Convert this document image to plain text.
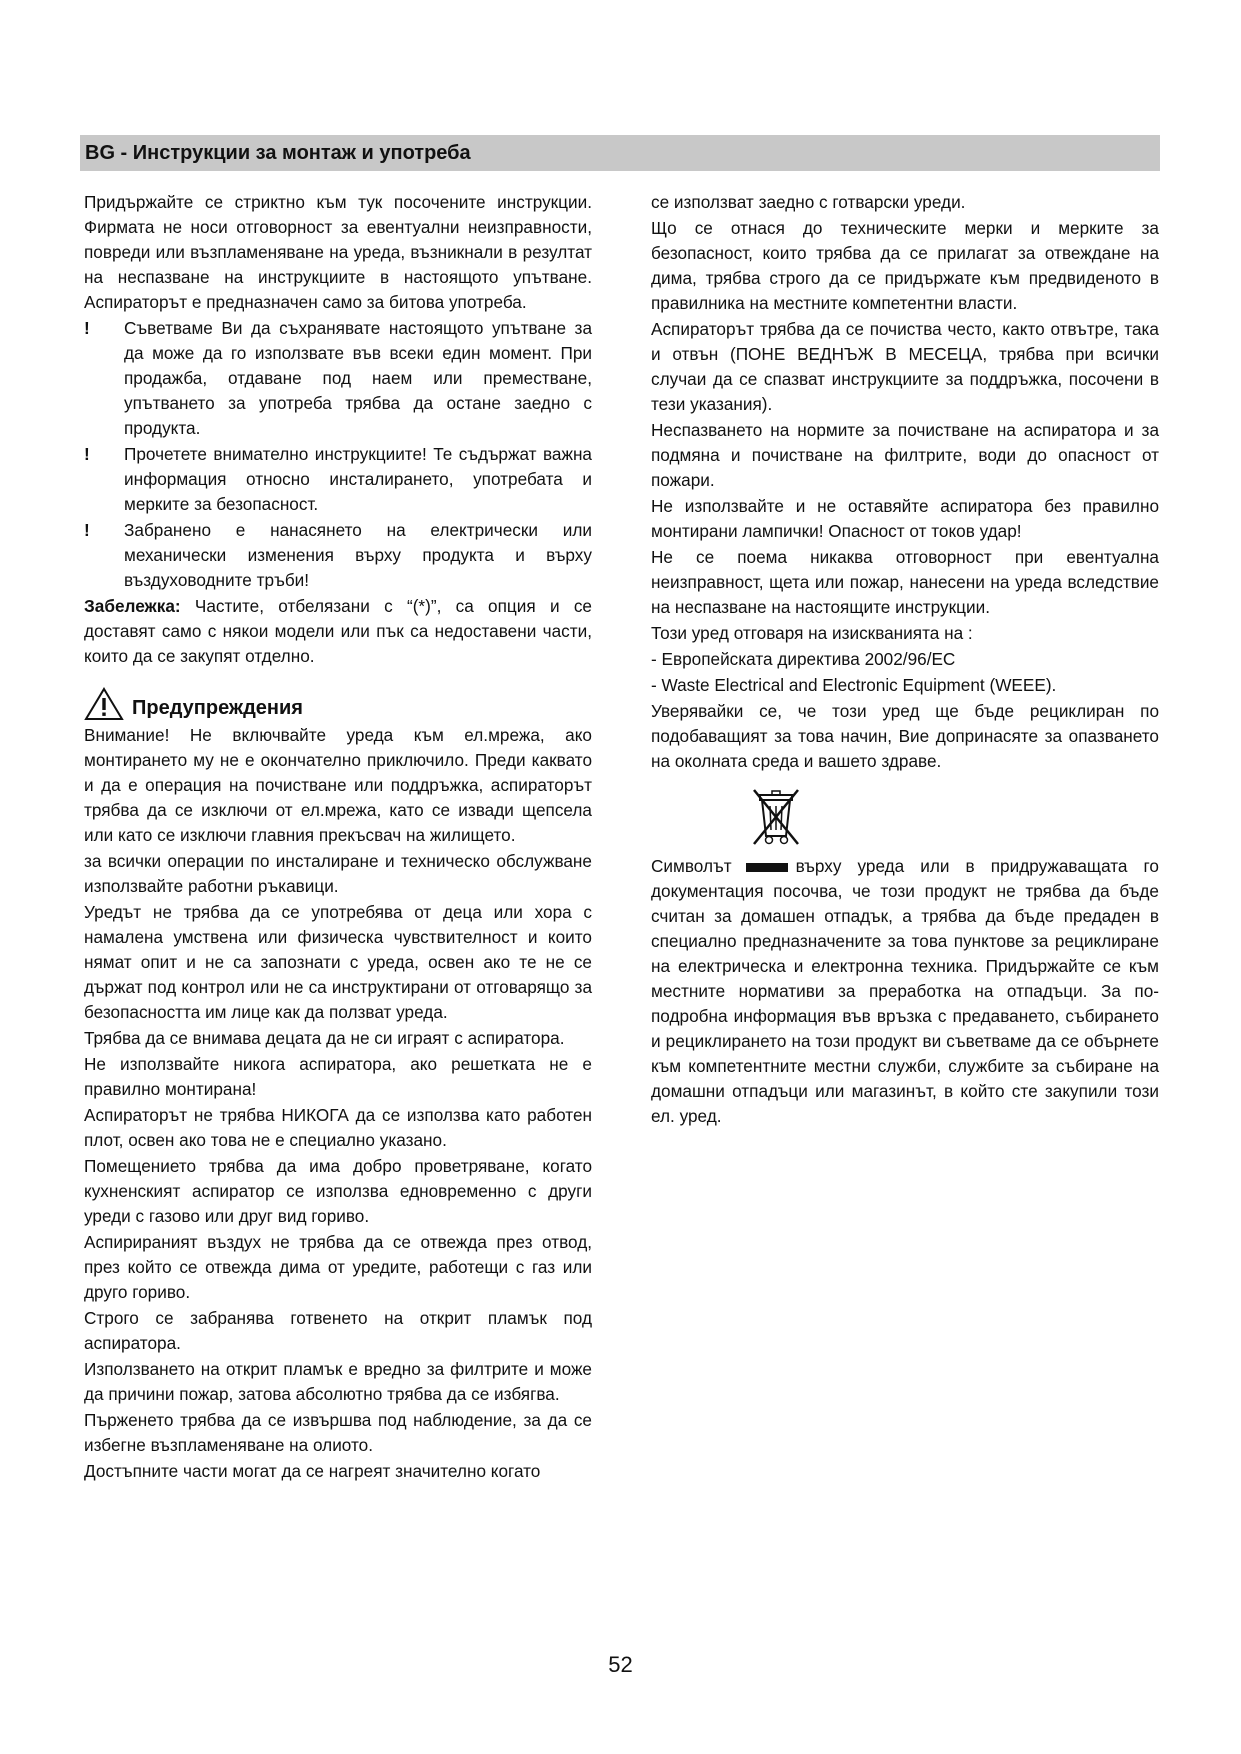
BG - Инструкции за монтаж и употреба

Придържайте се стриктно към тук посочените инструкции. Фирмата не носи отговорност за евентуални неизправности, повреди или възпламеняване на уреда, възникнали в резултат на неспазване на инструкциите в настоящото упътване. Аспираторът е предназначен само за битова употреба.

! Съветваме Ви да съхранявате настоящото упътване за да може да го използвате във всеки един момент. При продажба, отдаване под наем или преместване, упътването за употреба трябва да остане заедно с продукта.
! Прочетете внимателно инструкциите! Те съдържат важна информация относно инсталирането, употребата и мерките за безопасност.
! Забранено е нанасянето на електрически или механически изменения върху продукта и върху въздуховодните тръби!

Забележка: Частите, отбелязани с “(*)”, са опция и се доставят само с някои модели или пък са недоставени части, които да се закупят отделно.

Предупреждения

Внимание! Не включвайте уреда към ел.мрежа, ако монтирането му не е окончателно приключило. Преди каквато и да е операция на почистване или поддръжка, аспираторът трябва да се изключи от ел.мрежа, като се извади щепсела или като се изключи главния прекъсвач на жилището.

за всички операции по инсталиране и техническо обслужване използвайте работни ръкавици.

Уредът не трябва да се употребява от деца или хора с намалена умствена или физическа чувствителност и които нямат опит и не са запознати с уреда, освен ако те не се държат под контрол или не са инструктирани от отговарящо за безопасността им лице как да ползват уреда.

Трябва да се внимава децата да не си играят с аспиратора.

Не използвайте никога аспиратора, ако решетката не е правилно монтирана!

Аспираторът не трябва НИКОГА да се използва като работен плот, освен ако това не е специално указано.

Помещението трябва да има добро проветряване, когато кухненският аспиратор се използва едновременно с други уреди с газово или друг вид гориво.

Аспирираният въздух не трябва да се отвежда през отвод, през който се отвежда дима от уредите, работещи с газ или друго гориво.

Строго се забранява готвенето на открит пламък под аспиратора.

Използването на открит пламък е вредно за филтрите и може да причини пожар, затова абсолютно трябва да се избягва.

Пърженето трябва да се извършва под наблюдение, за да се избегне възпламеняване на олиото.

Достъпните части могат да се нагреят значително когато

се използват заедно с готварски уреди.

Що се отнася до техническите мерки и мерките за безопасност, които трябва да се прилагат за отвеждане на дима, трябва строго да се придържате към предвиденото в правилника на местните компетентни власти.

Аспираторът трябва да се почиства често, както отвътре, така и отвън (ПОНЕ ВЕДНЪЖ В МЕСЕЦА, трябва при всички случаи да се спазват инструкциите за поддръжка, посочени в тези указания).

Неспазването на нормите за почистване на аспиратора и за подмяна и почистване на филтрите, води до опасност от пожари.

Не използвайте и не оставяйте аспиратора без правилно монтирани лампички! Опасност от токов удар!

Не се поема никаква отговорност при евентуална неизправност, щета или пожар, нанесени на уреда вследствие на неспазване на настоящите инструкции.

Този уред отговаря на изискванията на :

- Европейската директива 2002/96/EC

- Waste Electrical and Electronic Equipment (WEEE).

Уверявайки се, че този уред ще бъде рециклиран по подобаващият за това начин, Вие допринасяте за опазването на околната среда и вашето здраве.

Символът	върху уреда или в придружаващата го документация посочва, че този продукт не трябва да бъде считан за домашен отпадък, а трябва да бъде предаден в специално предназначените за това пунктове за рециклиране на електрическа и електронна техника. Придържайте се към местните нормативи за преработка на отпадъци. За по-подробна информация във връзка с предаването, събирането и рециклирането на този продукт ви съветваме да се обърнете към компетентните местни служби, службите за събиране на домашни отпадъци или магазинът, в който сте закупили този ел. уред.

52
